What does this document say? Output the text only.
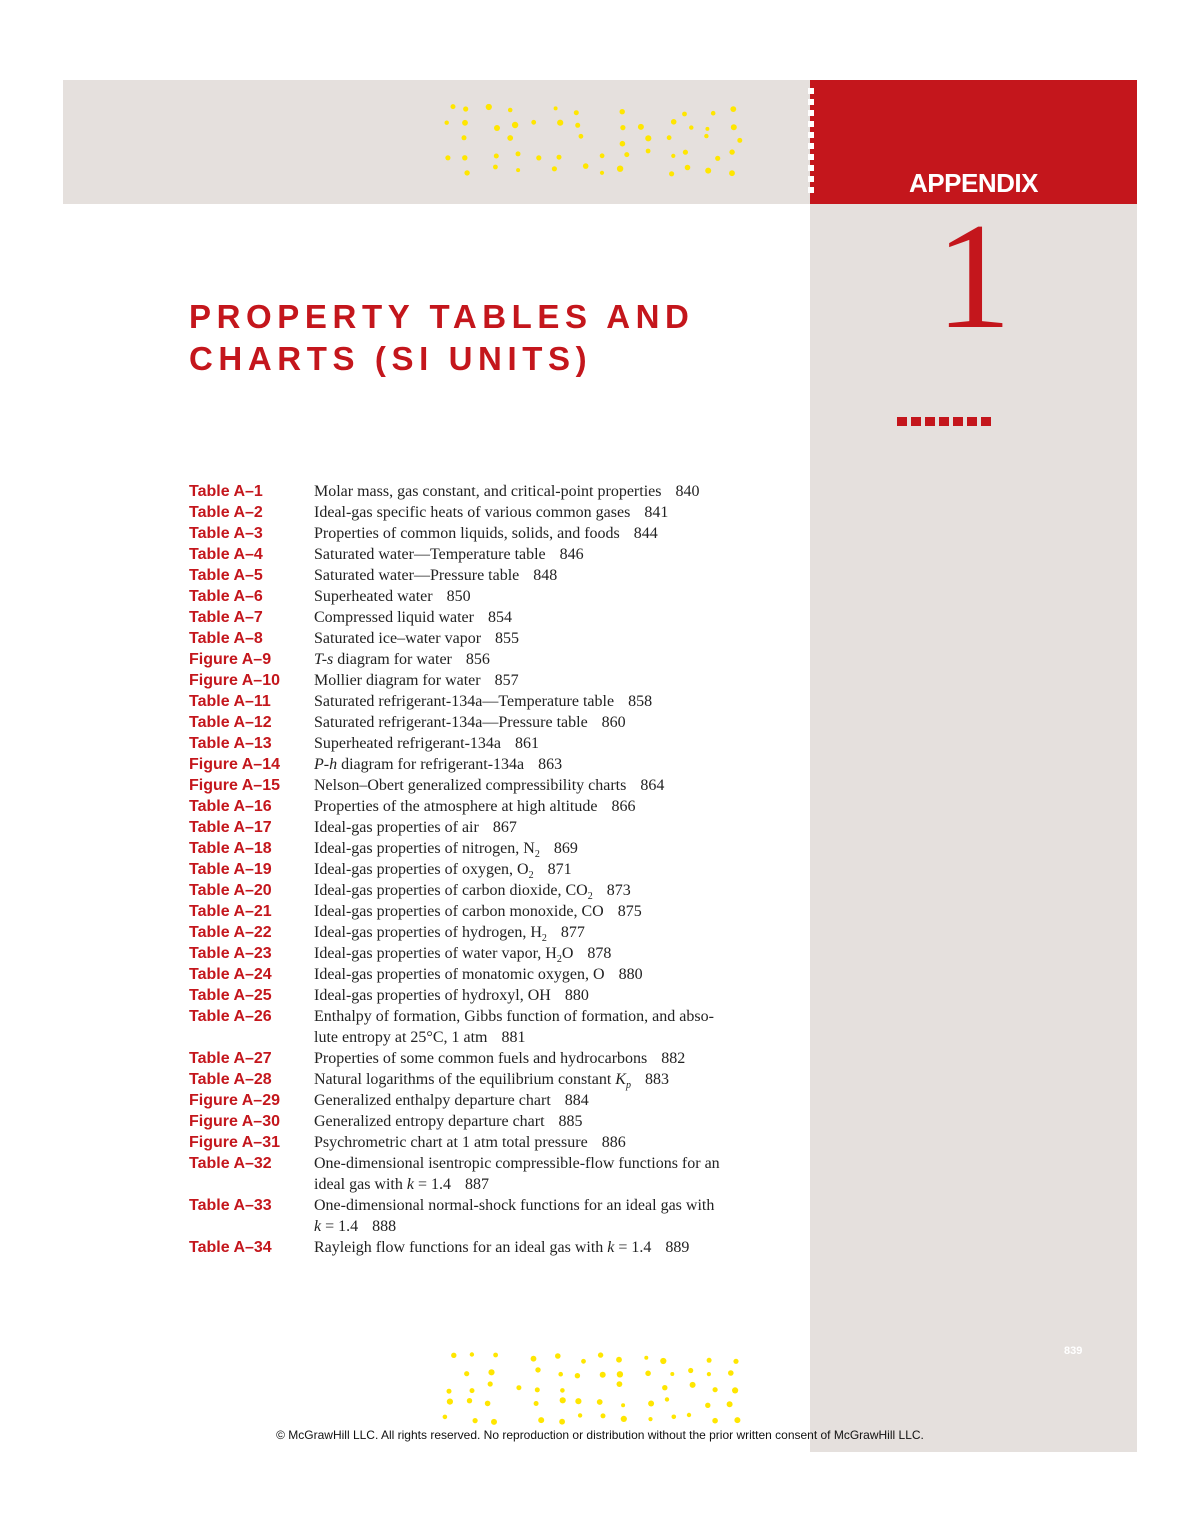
APPENDIX
1
PROPERTY TABLES AND
CHARTS (SI UNITS)
Table A–1	Molar mass, gas constant, and critical-point properties 840
Table A–2	Ideal-gas specific heats of various common gases 841
Table A–3	Properties of common liquids, solids, and foods 844
Table A–4	Saturated water—Temperature table 846
Table A–5	Saturated water—Pressure table 848
Table A–6	Superheated water 850
Table A–7	Compressed liquid water 854
Table A–8	Saturated ice–water vapor 855
Figure A–9	T-s diagram for water 856
Figure A–10	Mollier diagram for water 857
Table A–11	Saturated refrigerant-134a—Temperature table 858
Table A–12	Saturated refrigerant-134a—Pressure table 860
Table A–13	Superheated refrigerant-134a 861
Figure A–14	P-h diagram for refrigerant-134a 863
Figure A–15	Nelson–Obert generalized compressibility charts 864
Table A–16	Properties of the atmosphere at high altitude 866
Table A–17	Ideal-gas properties of air 867
Table A–18	Ideal-gas properties of nitrogen, $N_2$ 869
Table A–19	Ideal-gas properties of oxygen, $O_2$ 871
Table A–20	Ideal-gas properties of carbon dioxide, $CO_2$ 873
Table A–21	Ideal-gas properties of carbon monoxide, CO 875
Table A–22	Ideal-gas properties of hydrogen, $H_2$ 877
Table A–23	Ideal-gas properties of water vapor, $H_2O$ 878
Table A–24	Ideal-gas properties of monatomic oxygen, O 880
Table A–25	Ideal-gas properties of hydroxyl, OH 880
Table A–26	Enthalpy of formation, Gibbs function of formation, and abso-
lute entropy at 25°C, 1 atm 881
Table A–27	Properties of some common fuels and hydrocarbons 882
Table A–28	Natural logarithms of the equilibrium constant $K_p$ 883
Figure A–29	Generalized enthalpy departure chart 884
Figure A–30	Generalized entropy departure chart 885
Figure A–31	Psychrometric chart at 1 atm total pressure 886
Table A–32	One-dimensional isentropic compressible-flow functions for an
ideal gas with k = 1.4 887
Table A–33	One-dimensional normal-shock functions for an ideal gas with
k = 1.4 888
Table A–34	Rayleigh flow functions for an ideal gas with k = 1.4 889
839
© McGrawHill LLC. All rights reserved. No reproduction or distribution without the prior written consent of McGrawHill LLC.
